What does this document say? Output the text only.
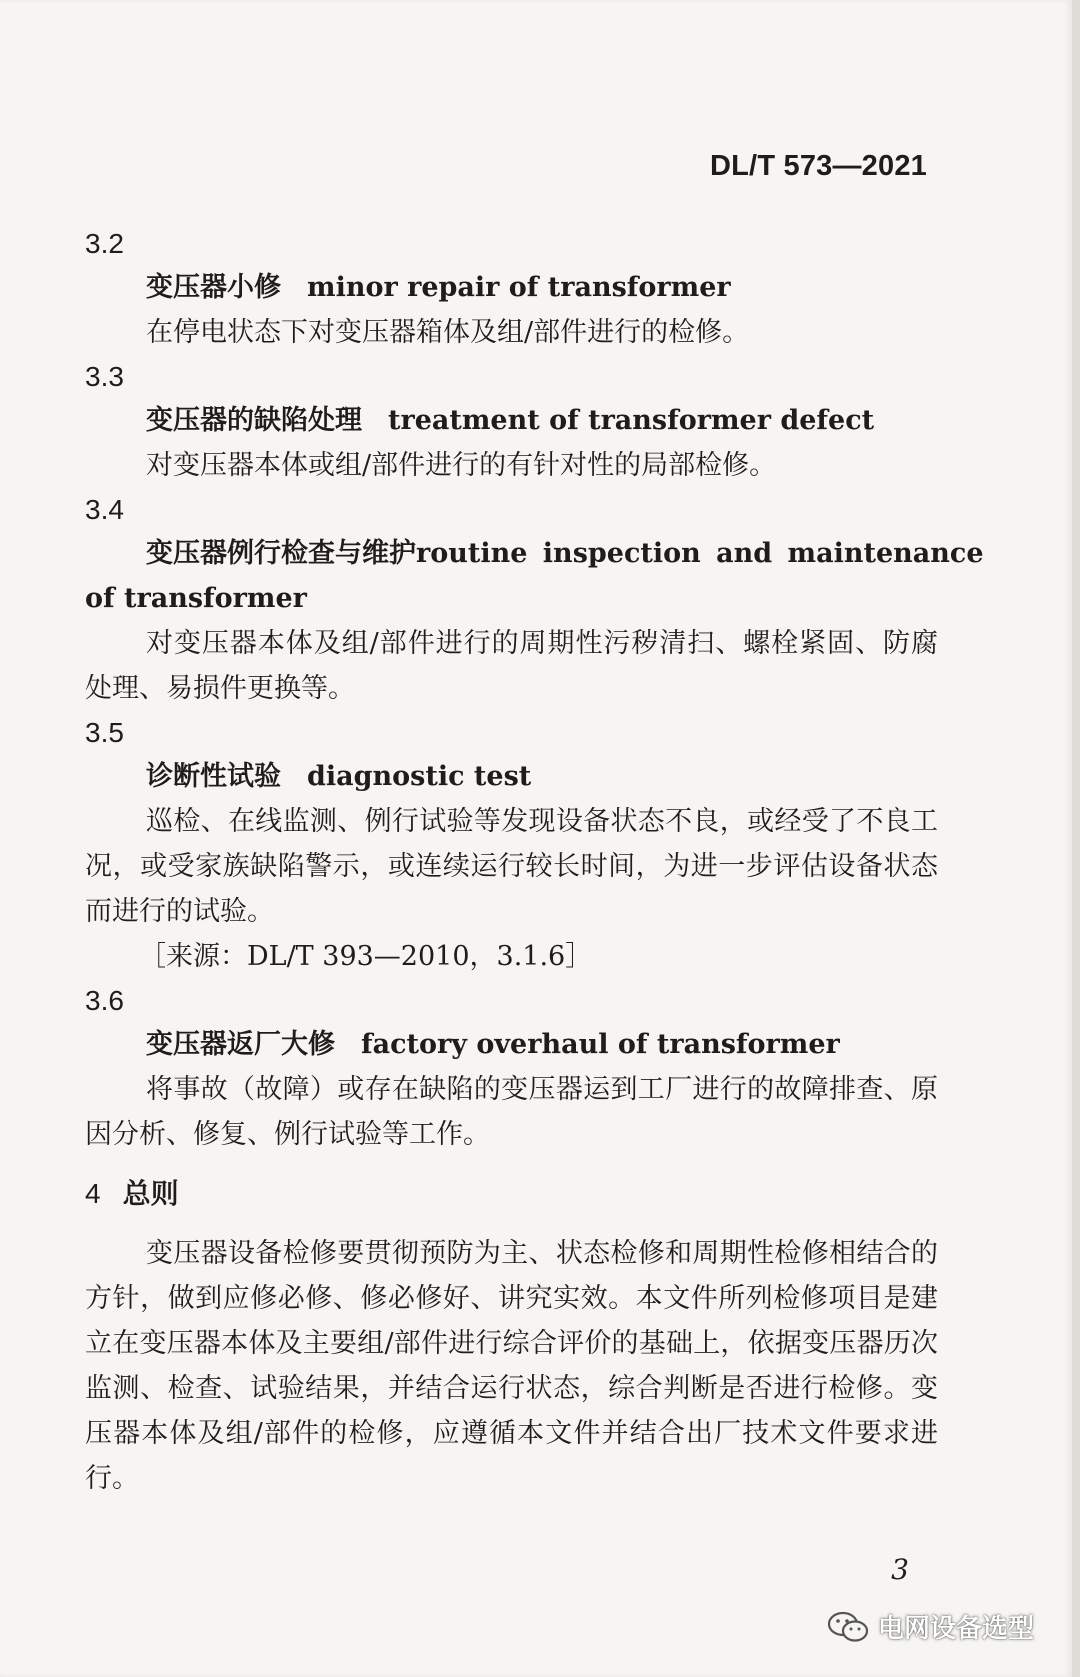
DL/T 573—2021

3.2

变压器小修 minor repair of transformer

在停电状态下对变压器箱体及组/部件进行的检修。

3.3

变压器的缺陷处理 treatment of transformer defect

对变压器本体或组/部件进行的有针对性的局部检修。

3.4

变压器例行检查与维护 routine inspection and maintenance

of transformer

对变压器本体及组/部件进行的周期性污秽清扫、螺栓紧固、防腐处理、易损件更换等。

3.5

诊断性试验 diagnostic test

巡检、在线监测、例行试验等发现设备状态不良，或经受了不良工况，或受家族缺陷警示，或连续运行较长时间，为进一步评估设备状态而进行的试验。

［来源：DL/T 393—2010，3.1.6］

3.6

变压器返厂大修 factory overhaul of transformer

将事故（故障）或存在缺陷的变压器运到工厂进行的故障排查、原因分析、修复、例行试验等工作。

4 总则

变压器设备检修要贯彻预防为主、状态检修和周期性检修相结合的方针，做到应修必修、修必修好、讲究实效。本文件所列检修项目是建立在变压器本体及主要组/部件进行综合评价的基础上，依据变压器历次监测、检查、试验结果，并结合运行状态，综合判断是否进行检修。变压器本体及组/部件的检修，应遵循本文件并结合出厂技术文件要求进行。

3
电网设备选型
